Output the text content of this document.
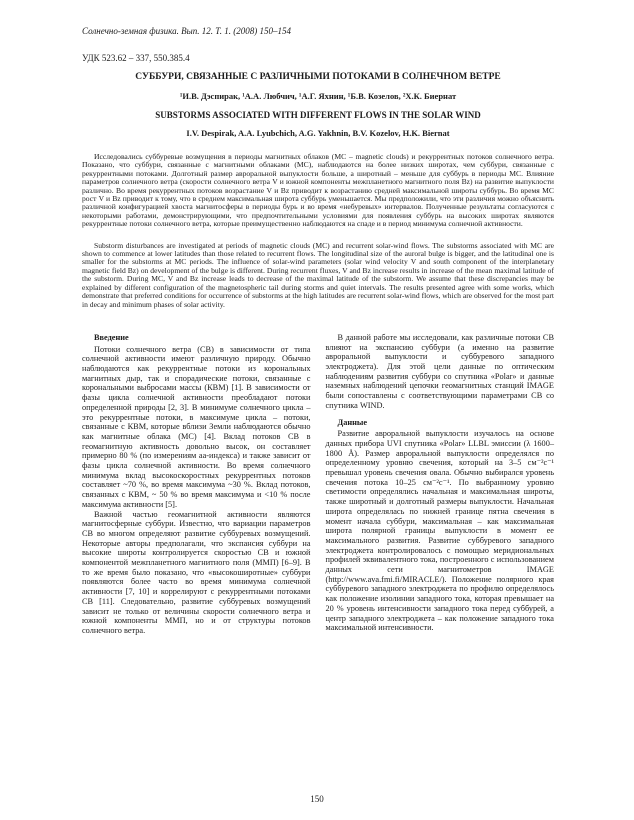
Солнечно-земная физика. Вып. 12. Т. 1. (2008) 150–154
УДК 523.62 – 337, 550.385.4
СУББУРИ, СВЯЗАННЫЕ С РАЗЛИЧНЫМИ ПОТОКАМИ В СОЛНЕЧНОМ ВЕТРЕ
¹И.В. Дэспирак, ¹А.А. Любчич, ¹А.Г. Яхнин, ¹Б.В. Козелов, ²Х.К. Биернат
SUBSTORMS ASSOCIATED WITH DIFFERENT FLOWS IN THE SOLAR WIND
I.V. Despirak, A.A. Lyubchich, A.G. Yakhnin, B.V. Kozelov, H.K. Biernat

Исследовались суббуревые возмущения в периоды магнитных облаков (MC – magnetic clouds) и рекуррентных потоков солнечного ветра. Показано, что суббури, связанные с магнитными облаками (MC), наблюдаются на более низких широтах, чем суббури, связанные с рекуррентными потоками. Долготный размер авроральной выпуклости больше, а широтный – меньше для суббурь в периоды MC. Влияние параметров солнечного ветра (скорости солнечного ветра V и южной компоненты межпланетного магнитного поля Bz) на развитие выпуклости различно. Во время рекуррентных потоков возрастание V и Bz приводит к возрастанию средней максимальной широты суббурь. Во время MC рост V и Bz приводит к тому, что в среднем максимальная широта суббурь уменьшается. Мы предположили, что эти различия можно объяснить различной конфигурацией хвоста магнитосферы в периоды бурь и во время «небуревых» интервалов. Полученные результаты согласуются с некоторыми работами, демонстрирующими, что предпочтительными условиями для появления суббурь на высоких широтах являются рекуррентные потоки солнечного ветра, которые преимущественно наблюдаются на спаде и в период минимума солнечной активности.

Substorm disturbances are investigated at periods of magnetic clouds (MC) and recurrent solar-wind flows. The substorms associated with MC are shown to commence at lower latitudes than those related to recurrent flows. The longitudinal size of the auroral bulge is bigger, and the latitudinal one is smaller for the substorms at MC periods. The influence of solar-wind parameters (solar wind velocity V and south component of the interplanetary magnetic field Bz) on development of the bulge is different. During recurrent fluxes, V and Bz increase results in increase of the mean maximal latitude of the substorm. During MC, V and Bz increase leads to decrease of the maximal latitude of the substorm. We assume that these discrepancies may be explained by different configuration of the magnetospheric tail during storms and quiet intervals. The results presented agree with some works, which demonstrate that preferred conditions for occurrence of substorms at the high latitudes are recurrent solar-wind flows, which are observed for the most part in decay and minimum phases of solar activity.

Введение

Потоки солнечного ветра (СВ) в зависимости от типа солнечной активности имеют различную природу. Обычно наблюдаются как рекуррентные потоки из корональных магнитных дыр, так и спорадические потоки, связанные с корональными выбросами массы (КВМ) [1]. В зависимости от фазы цикла солнечной активности преобладают потоки определенной природы [2, 3]. В минимуме солнечного цикла – это рекуррентные потоки, в максимуме цикла – потоки, связанные с КВМ, которые вблизи Земли наблюдаются обычно как магнитные облака (MC) [4]. Вклад потоков СВ в геомагнитную активность довольно высок, он составляет примерно 80 % (по измерениям аа-индекса) и также зависит от фазы цикла солнечной активности. Во время солнечного минимума вклад высокоскоростных рекуррентных потоков составляет ~70 %, во время максимума ~30 %. Вклад потоков, связанных с КВМ, ~ 50 % во время максимума и <10 % после максимума активности [5].

Важной частью геомагнитной активности являются магнитосферные суббури. Известно, что вариации параметров СВ во многом определяют развитие суббуревых возмущений. Некоторые авторы предполагали, что экспансия суббури на высокие широты контролируется скоростью СВ и южной компонентой межпланетного магнитного поля (ММП) [6–9]. В то же время было показано, что «высокоширотные» суббури появляются более часто во время минимума солнечной активности [7, 10] и коррелируют с рекуррентными потоками СВ [11]. Следовательно, развитие суббуревых возмущений зависит не только от величины скорости солнечного ветра и южной компоненты ММП, но и от структуры потоков солнечного ветра.

В данной работе мы исследовали, как различные потоки СВ влияют на экспансию суббури (а именно на развитие авроральной выпуклости и суббуревого западного электроджета). Для этой цели данные по оптическим наблюдениям развития суббури со спутника «Polar» и данные наземных наблюдений цепочки геомагнитных станций IMAGE были сопоставлены с соответствующими параметрами СВ со спутника WIND.

Данные

Развитие авроральной выпуклости изучалось на основе данных прибора UVI спутника «Polar» LLBL эмиссии (λ 1600–1800 Å). Размер авроральной выпуклости определялся по определенному уровню свечения, который на 3–5 см⁻²с⁻¹ превышал уровень свечения овала. Обычно выбирался уровень свечения потока 10–25 см⁻²с⁻¹. По выбранному уровню светимости определялись начальная и максимальная широты, также широтный и долготный размеры выпуклости. Начальная широта определялась по нижней границе пятна свечения в момент начала суббури, максимальная – как максимальная широта полярной границы выпуклости в момент ее максимального развития. Развитие суббуревого западного электроджета контролировалось с помощью меридиональных профилей эквивалентного тока, построенного с использованием данных сети магнитометров IMAGE (http://www.ava.fmi.fi/MIRACLE/). Положение полярного края суббуревого западного электроджета по профилю определялось как положение изолинии западного тока, которая превышает на 20 % уровень интенсивности западного тока перед суббурей, а центр западного электроджета – как положение западного тока максимальной интенсивности.

150
